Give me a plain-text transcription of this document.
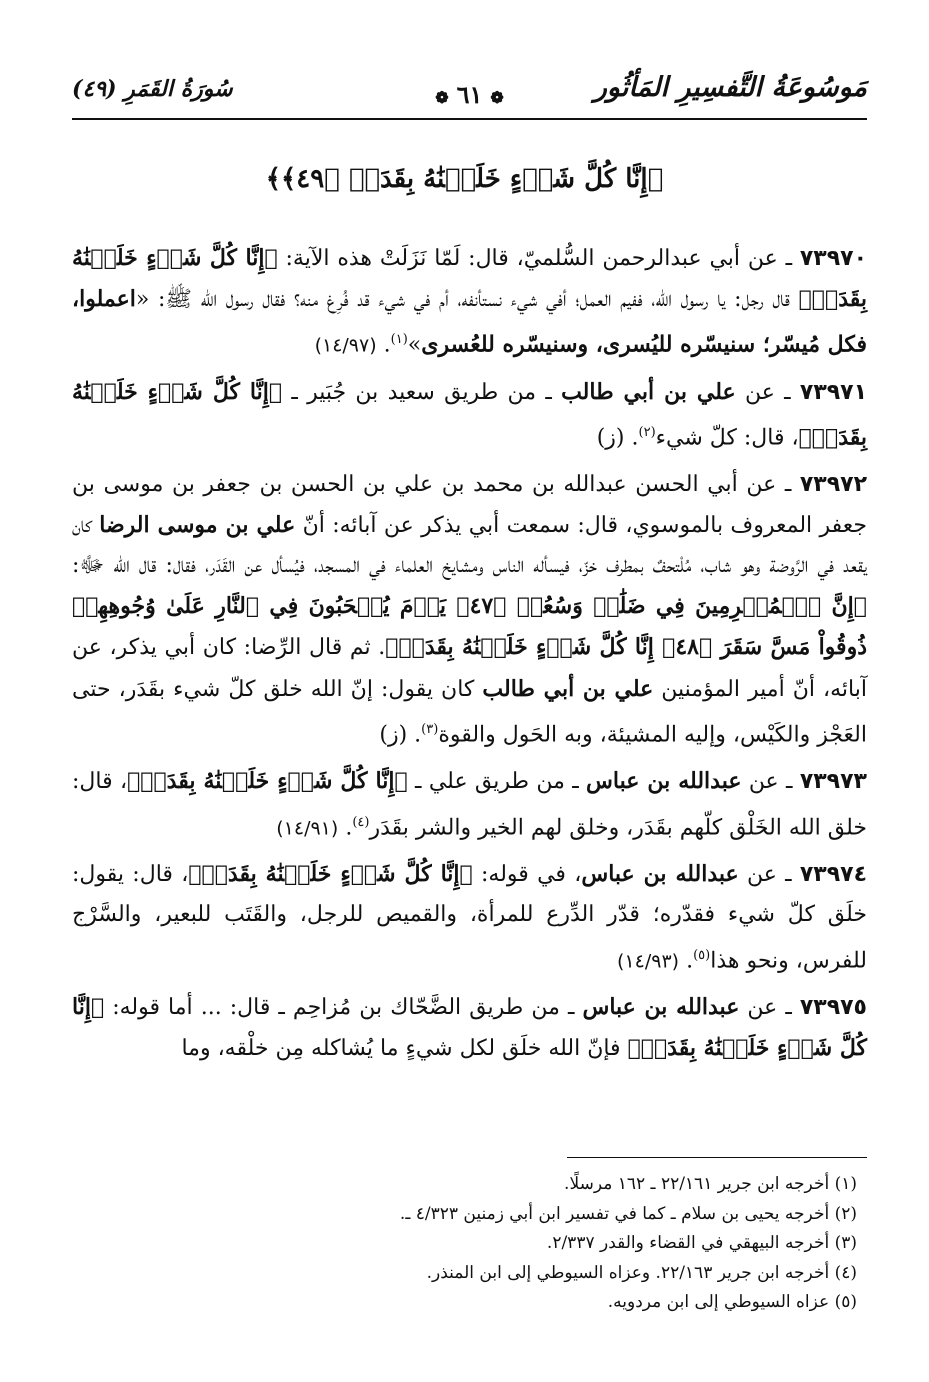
مَوسُوعَةُ التَّفسِيرِ المَأثُور
❁٦١❁
سُورَةُ القَمَرِ (٤٩)
﴿إِنَّا كُلَّ شَيۡءٍ خَلَقۡنَٰهُ بِقَدَرٖ ﴿٤٩﴾﴾

٧٣٩٧٠ ـ عن أبي عبدالرحمن السُّلميّ، قال: لَمّا نَزَلَتْ هذه الآية: ﴿إِنَّا كُلَّ شَيۡءٍ خَلَقۡنَٰهُ بِقَدَرٖ﴾ قال رجل: يا رسول الله، ففيم العمل؛ أفي شيء نستأنفه، أم في شيء قد فُرِغ منه؟ فقال رسول الله ﷺ: «اعملوا، فكل مُيسّر؛ سنيسّره لليُسرى، وسنيسّره للعُسرى»$^{(١)}$. (١٤/٩٧)

٧٣٩٧١ ـ عن علي بن أبي طالب ـ من طريق سعيد بن جُبَير ـ ﴿إِنَّا كُلَّ شَيۡءٍ خَلَقۡنَٰهُ بِقَدَرٖ﴾، قال: كلّ شيء$^{(٢)}$. (ز)

٧٣٩٧٢ ـ عن أبي الحسن عبدالله بن محمد بن علي بن الحسن بن جعفر بن موسى بن جعفر المعروف بالموسوي، قال: سمعت أبي يذكر عن آبائه: أنّ علي بن موسى الرضا كان يقعد في الرَّوضة وهو شاب، مُلْتحفٌ بمطرف خزّ، فيسأله الناس ومشايخ العلماء في المسجد، فيُسأل عن القَدَر، فقال: قال الله ﷻ: ﴿إِنَّ ٱلۡمُجۡرِمِينَ فِي ضَلَٰلٖ وَسُعُرٖ ﴿٤٧﴾ يَوۡمَ يُسۡحَبُونَ فِي ٱلنَّارِ عَلَىٰ وُجُوهِهِمۡ ذُوقُواْ مَسَّ سَقَرَ ﴿٤٨﴾ إِنَّا كُلَّ شَيۡءٍ خَلَقۡنَٰهُ بِقَدَرٖ﴾. ثم قال الرِّضا: كان أبي يذكر، عن آبائه، أنّ أمير المؤمنين علي بن أبي طالب كان يقول: إنّ الله خلق كلّ شيء بقَدَر، حتى العَجْز والكَيْس، وإليه المشيئة، وبه الحَول والقوة$^{(٣)}$. (ز)

٧٣٩٧٣ ـ عن عبدالله بن عباس ـ من طريق علي ـ ﴿إِنَّا كُلَّ شَيۡءٍ خَلَقۡنَٰهُ بِقَدَرٖ﴾، قال: خلق الله الخَلْق كلّهم بقَدَر، وخلق لهم الخير والشر بقَدَر$^{(٤)}$. (١٤/٩١)

٧٣٩٧٤ ـ عن عبدالله بن عباس، في قوله: ﴿إِنَّا كُلَّ شَيۡءٍ خَلَقۡنَٰهُ بِقَدَرٖ﴾، قال: يقول: خلَق كلّ شيء فقدّره؛ قدّر الدِّرع للمرأة، والقميص للرجل، والقَتَب للبعير، والسَّرْج للفرس، ونحو هذا$^{(٥)}$. (١٤/٩٣)

٧٣٩٧٥ ـ عن عبدالله بن عباس ـ من طريق الضَّحّاك بن مُزاحِم ـ قال: ... أما قوله: ﴿إِنَّا كُلَّ شَيۡءٍ خَلَقۡنَٰهُ بِقَدَرٖ﴾ فإنّ الله خلَق لكل شيءٍ ما يُشاكله مِن خلْقه، وما

(١) أخرجه ابن جرير ٢٢/١٦١ ـ ١٦٢ مرسلًا.
(٢) أخرجه يحيى بن سلام ـ كما في تفسير ابن أبي زمنين ٤/٣٢٣ ـ.
(٣) أخرجه البيهقي في القضاء والقدر ٢/٣٣٧.
(٤) أخرجه ابن جرير ٢٢/١٦٣. وعزاه السيوطي إلى ابن المنذر.
(٥) عزاه السيوطي إلى ابن مردويه.
